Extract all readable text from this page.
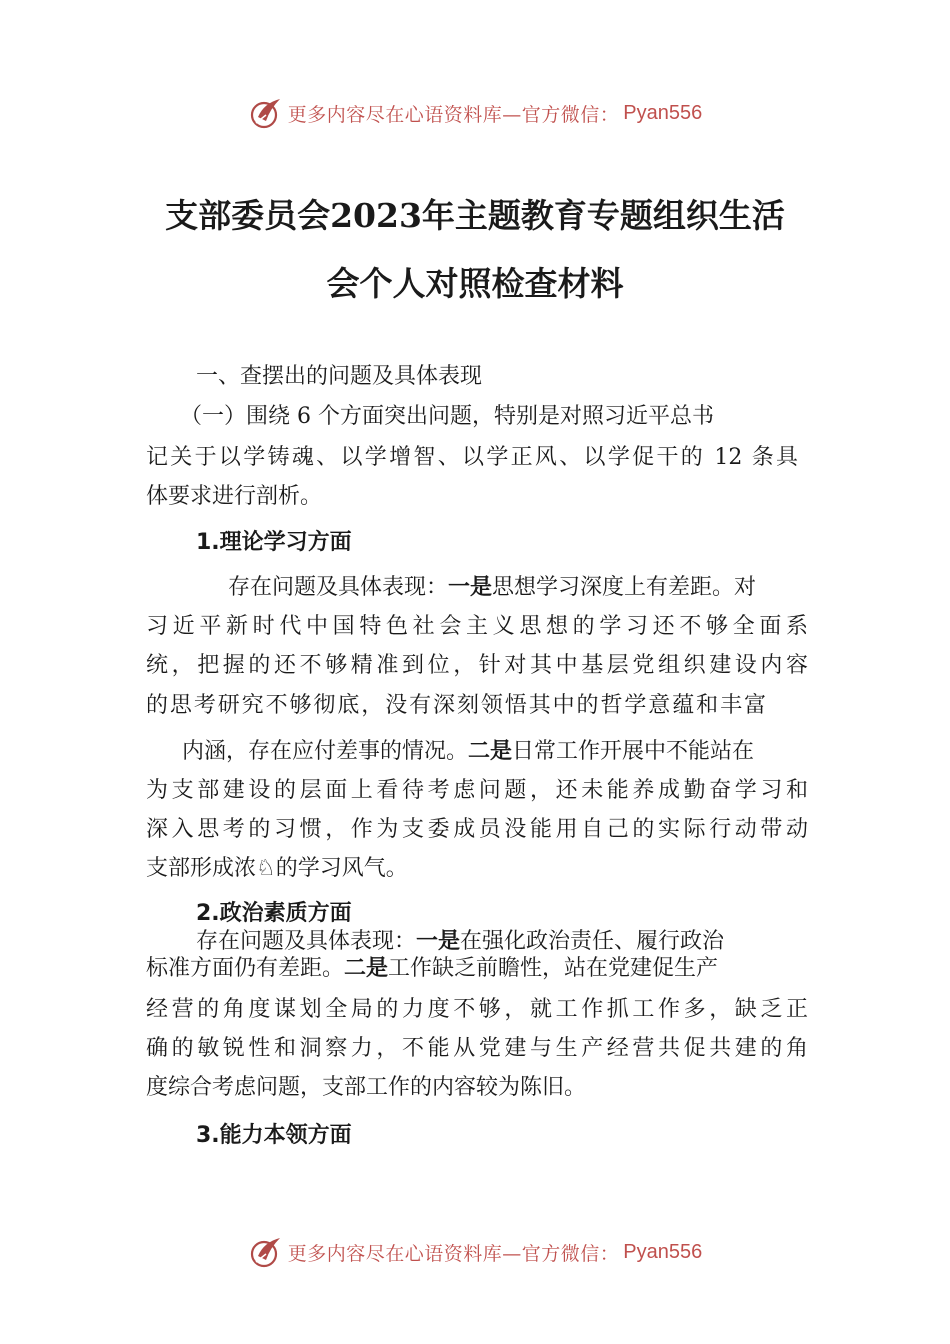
更多内容尽在心语资料库—官方微信： Pyan556
支部委员会2023年主题教育专题组织生活
会个人对照检查材料
一、查摆出的问题及具体表现
（一）围绕 6 个方面突出问题，特别是对照习近平总书
记关于以学铸魂、以学增智、以学正风、以学促干的 12 条具
体要求进行剖析。
1.理论学习方面
存在问题及具体表现：一是思想学习深度上有差距。对
习近平新时代中国特色社会主义思想的学习还不够全面系
统，把握的还不够精准到位，针对其中基层党组织建设内容
的思考研究不够彻底，没有深刻领悟其中的哲学意蕴和丰富
内涵，存在应付差事的情况。二是日常工作开展中不能站在
为支部建设的层面上看待考虑问题，还未能养成勤奋学习和
深入思考的习惯，作为支委成员没能用自己的实际行动带动
支部形成浓♘的学习风气。
2.政治素质方面
存在问题及具体表现：一是在强化政治责任、履行政治
标准方面仍有差距。二是工作缺乏前瞻性，站在党建促生产
经营的角度谋划全局的力度不够，就工作抓工作多，缺乏正
确的敏锐性和洞察力，不能从党建与生产经营共促共建的角
度综合考虑问题，支部工作的内容较为陈旧。
3.能力本领方面
更多内容尽在心语资料库—官方微信： Pyan556
